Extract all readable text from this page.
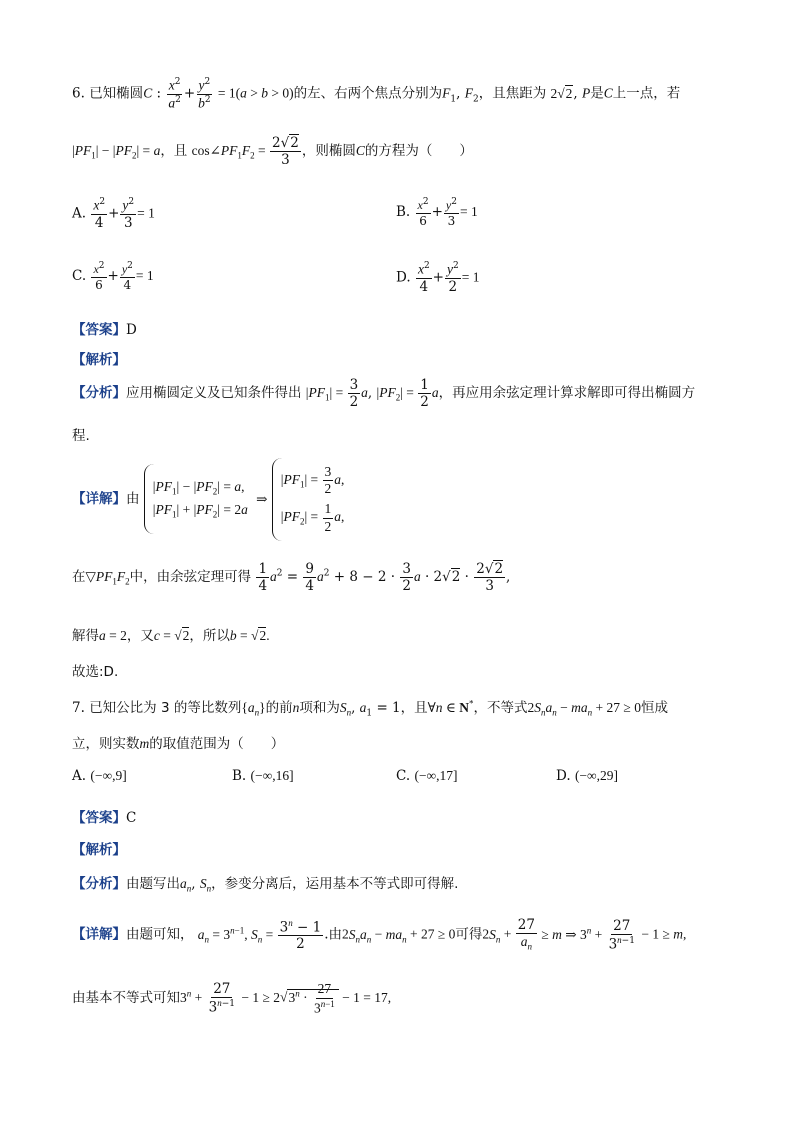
6. 已知椭圆C : $\frac{x^2}{a^2} + \frac{y^2}{b^2} = 1(a > b > 0)$的左、右两个焦点分别为$F_1$, $F_2$，且焦距为 2√2, P是C上一点，若
$|PF_1| - |PF_2| = a$，且 $\cos\angle PF_1F_2 = \frac{2√2}{3}$ ，则椭圆C的方程为（　　）
A. $\frac{x^2}{4} + \frac{y^2}{3} = 1$	B. $\frac{x^2}{6} + \frac{y^2}{3} = 1$
C. $\frac{x^2}{6} + \frac{y^2}{4} = 1$	D. $\frac{x^2}{4} + \frac{y^2}{2} = 1$
【答案】D
【解析】
【分析】应用椭圆定义及已知条件得出 $|PF_1| = \frac{3}{2} a$, $|PF_2| = \frac{1}{2}$ a，再应用余弦定理计算求解即可得出椭圆方
程.
【详解】由
$|PF_1| - |PF_2| = a$,
$|PF_1| + |PF_2| = 2a$
⇒
$|PF_1| = \frac{3}{2} a$,
$|PF_2| = \frac{1}{2} a$,
在$▽PF_1F_2$中，由余弦定理可得 $\frac{1}{4} a^2 = \frac{9}{4} a^2 + 8 - 2 \cdot \frac{3}{2}$ $a \cdot 2√2 \cdot \frac{2√2}{3}$ ,
解得a = 2，又c = √2，所以b = √2.
故选:D.
7. 已知公比为 3 的等比数列$\{a_n\}$的前n项和为$S_n$, $a_1 = 1$，且∀n ∈ N*，不等式$2S_na_n - ma_n + 27 \ge 0$恒成
立，则实数m的取值范围为（　　）
A. (−∞,9]	B. (−∞,16]	C. (−∞,17]	D. (−∞,29]
【答案】C
【解析】
【分析】由题写出$a_n$, $S_n$，参变分离后，运用基本不等式即可得解.
【详解】由题可知， $a_n = 3^{n-1}$, $S_n = \frac{3^n - 1}{2}$ .由$2S_na_n - ma_n + 27 \ge 0$可得$2S_n + \frac{27}{a_n} \ge m$ ⇒ $3^n + \frac{27}{3^{n-1}} - 1 \ge m$,
由基本不等式可知$3^n + \frac{27}{3^{n-1}} - 1 \ge 2√3^n \cdot \frac{27}{3^{n-1}} - 1 = 17$,
